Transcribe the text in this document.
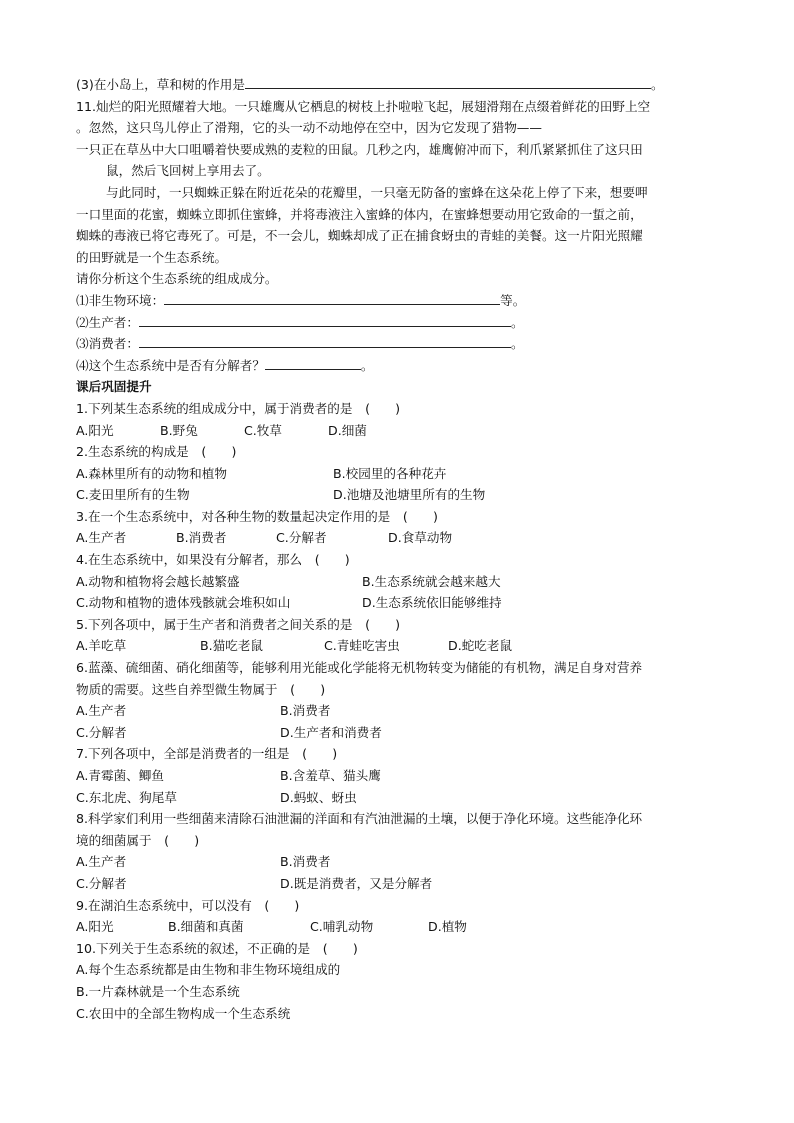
(3)在小岛上，草和树的作用是	。
11.灿烂的阳光照耀着大地。一只雄鹰从它栖息的树枝上扑啦啦飞起，展翅滑翔在点缀着鲜花的田野上空
。忽然，这只鸟儿停止了滑翔，它的头一动不动地停在空中，因为它发现了猎物——
一只正在草丛中大口咀嚼着快要成熟的麦粒的田鼠。几秒之内，雄鹰俯冲而下，利爪紧紧抓住了这只田
鼠，然后飞回树上享用去了。
与此同时，一只蜘蛛正躲在附近花朵的花瓣里，一只毫无防备的蜜蜂在这朵花上停了下来，想要呷
一口里面的花蜜，蜘蛛立即抓住蜜蜂，并将毒液注入蜜蜂的体内，在蜜蜂想要动用它致命的一蜇之前，
蜘蛛的毒液已将它毒死了。可是，不一会儿，蜘蛛却成了正在捕食蚜虫的青蛙的美餐。这一片阳光照耀
的田野就是一个生态系统。
请你分析这个生态系统的组成成分。
⑴非生物环境：	等。
⑵生产者：	。
⑶消费者：	。
⑷这个生态系统中是否有分解者？	。
课后巩固提升
1.下列某生态系统的组成成分中，属于消费者的是　(　　)
A.阳光	B.野兔	C.牧草	D.细菌
2.生态系统的构成是　(　　)
A.森林里所有的动物和植物	B.校园里的各种花卉
C.麦田里所有的生物	D.池塘及池塘里所有的生物
3.在一个生态系统中，对各种生物的数量起决定作用的是　(　　)
A.生产者	B.消费者	C.分解者	D.食草动物
4.在生态系统中，如果没有分解者，那么　(　　)
A.动物和植物将会越长越繁盛	B.生态系统就会越来越大
C.动物和植物的遗体残骸就会堆积如山	D.生态系统依旧能够维持
5.下列各项中，属于生产者和消费者之间关系的是　(　　)
A.羊吃草	B.猫吃老鼠	C.青蛙吃害虫	D.蛇吃老鼠
6.蓝藻、硫细菌、硝化细菌等，能够利用光能或化学能将无机物转变为储能的有机物，满足自身对营养
物质的需要。这些自养型微生物属于　(　　)
A.生产者	B.消费者
C.分解者	D.生产者和消费者
7.下列各项中，全部是消费者的一组是　(　　)
A.青霉菌、鲫鱼	B.含羞草、猫头鹰
C.东北虎、狗尾草	D.蚂蚁、蚜虫
8.科学家们利用一些细菌来清除石油泄漏的洋面和有汽油泄漏的土壤，以便于净化环境。这些能净化环
境的细菌属于　(　　)
A.生产者	B.消费者
C.分解者	D.既是消费者，又是分解者
9.在湖泊生态系统中，可以没有　(　　)
A.阳光	B.细菌和真菌	C.哺乳动物	D.植物
10.下列关于生态系统的叙述，不正确的是　(　　)
A.每个生态系统都是由生物和非生物环境组成的
B.一片森林就是一个生态系统
C.农田中的全部生物构成一个生态系统
